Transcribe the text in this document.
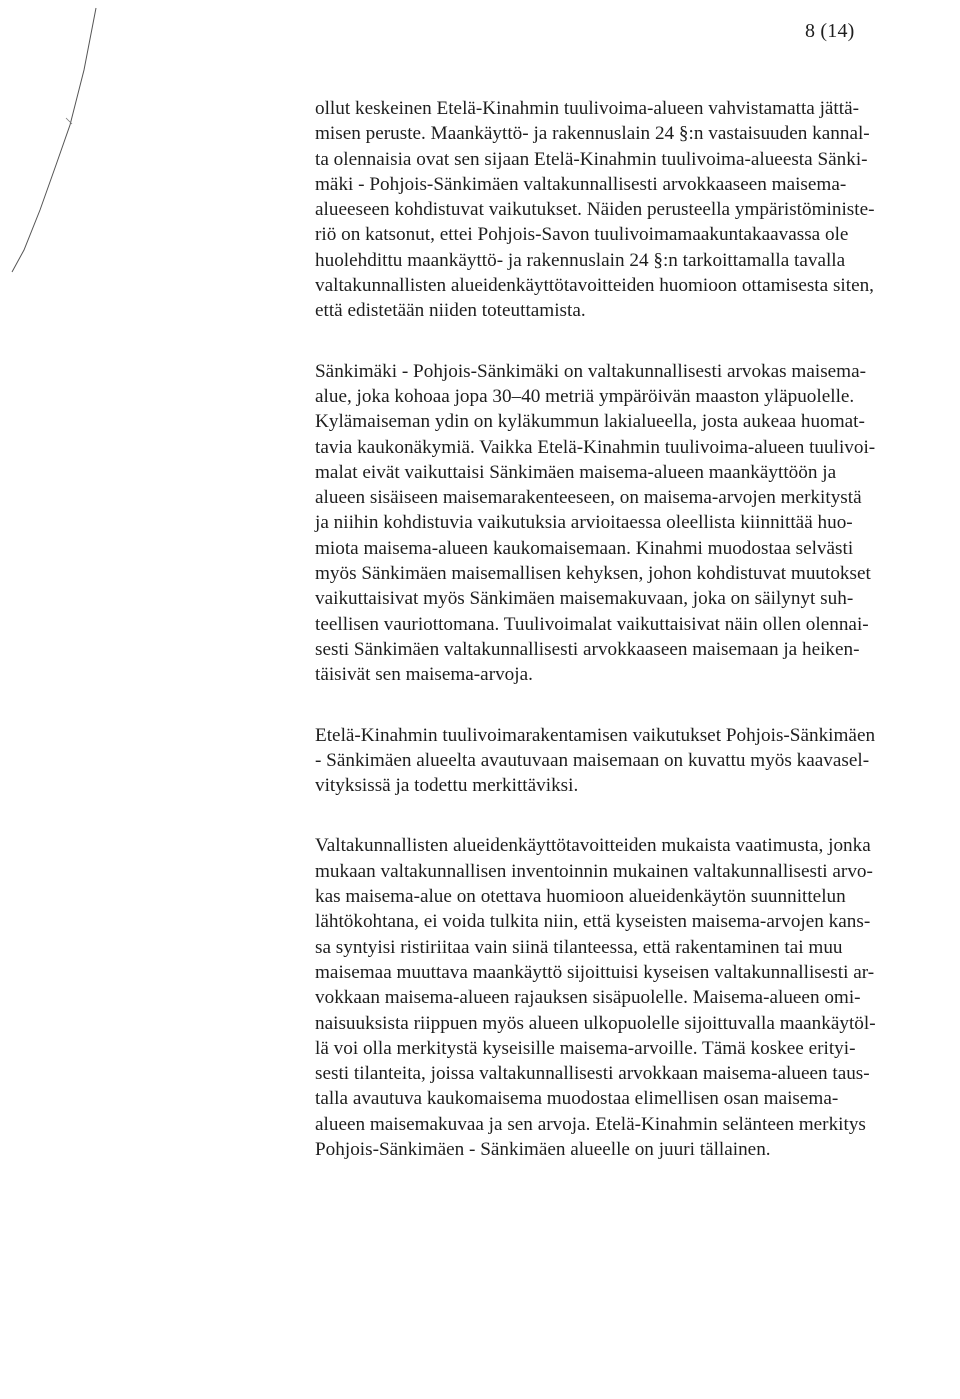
8 (14)

ollut keskeinen Etelä-Kinahmin tuulivoima-alueen vahvistamatta jättä-
misen peruste. Maankäyttö- ja rakennuslain 24 §:n vastaisuuden kannal-
ta olennaisia ovat sen sijaan Etelä-Kinahmin tuulivoima-alueesta Sänki-
mäki - Pohjois-Sänkimäen valtakunnallisesti arvokkaaseen maisema-
alueeseen kohdistuvat vaikutukset. Näiden perusteella ympäristöministe-
riö on katsonut, ettei Pohjois-Savon tuulivoimamaakuntakaavassa ole
huolehdittu maankäyttö- ja rakennuslain 24 §:n tarkoittamalla tavalla
valtakunnallisten alueidenkäyttötavoitteiden huomioon ottamisesta siten,
että edistetään niiden toteuttamista.

Sänkimäki - Pohjois-Sänkimäki on valtakunnallisesti arvokas maisema-
alue, joka kohoaa jopa 30–40 metriä ympäröivän maaston yläpuolelle.
Kylämaiseman ydin on kyläkummun lakialueella, josta aukeaa huomat-
tavia kaukonäkymiä. Vaikka Etelä-Kinahmin tuulivoima-alueen tuulivoi-
malat eivät vaikuttaisi Sänkimäen maisema-alueen maankäyttöön ja
alueen sisäiseen maisemarakenteeseen, on maisema-arvojen merkitystä
ja niihin kohdistuvia vaikutuksia arvioitaessa oleellista kiinnittää huo-
miota maisema-alueen kaukomaisemaan. Kinahmi muodostaa selvästi
myös Sänkimäen maisemallisen kehyksen, johon kohdistuvat muutokset
vaikuttaisivat myös Sänkimäen maisemakuvaan, joka on säilynyt suh-
teellisen vauriottomana. Tuulivoimalat vaikuttaisivat näin ollen olennai-
sesti Sänkimäen valtakunnallisesti arvokkaaseen maisemaan ja heiken-
täisivät sen maisema-arvoja.

Etelä-Kinahmin tuulivoimarakentamisen vaikutukset Pohjois-Sänkimäen
- Sänkimäen alueelta avautuvaan maisemaan on kuvattu myös kaavasel-
vityksissä ja todettu merkittäviksi.

Valtakunnallisten alueidenkäyttötavoitteiden mukaista vaatimusta, jonka
mukaan valtakunnallisen inventoinnin mukainen valtakunnallisesti arvo-
kas maisema-alue on otettava huomioon alueidenkäytön suunnittelun
lähtökohtana, ei voida tulkita niin, että kyseisten maisema-arvojen kans-
sa syntyisi ristiriitaa vain siinä tilanteessa, että rakentaminen tai muu
maisemaa muuttava maankäyttö sijoittuisi kyseisen valtakunnallisesti ar-
vokkaan maisema-alueen rajauksen sisäpuolelle. Maisema-alueen omi-
naisuuksista riippuen myös alueen ulkopuolelle sijoittuvalla maankäytöl-
lä voi olla merkitystä kyseisille maisema-arvoille. Tämä koskee erityi-
sesti tilanteita, joissa valtakunnallisesti arvokkaan maisema-alueen taus-
talla avautuva kaukomaisema muodostaa elimellisen osan maisema-
alueen maisemakuvaa ja sen arvoja. Etelä-Kinahmin selänteen merkitys
Pohjois-Sänkimäen - Sänkimäen alueelle on juuri tällainen.
